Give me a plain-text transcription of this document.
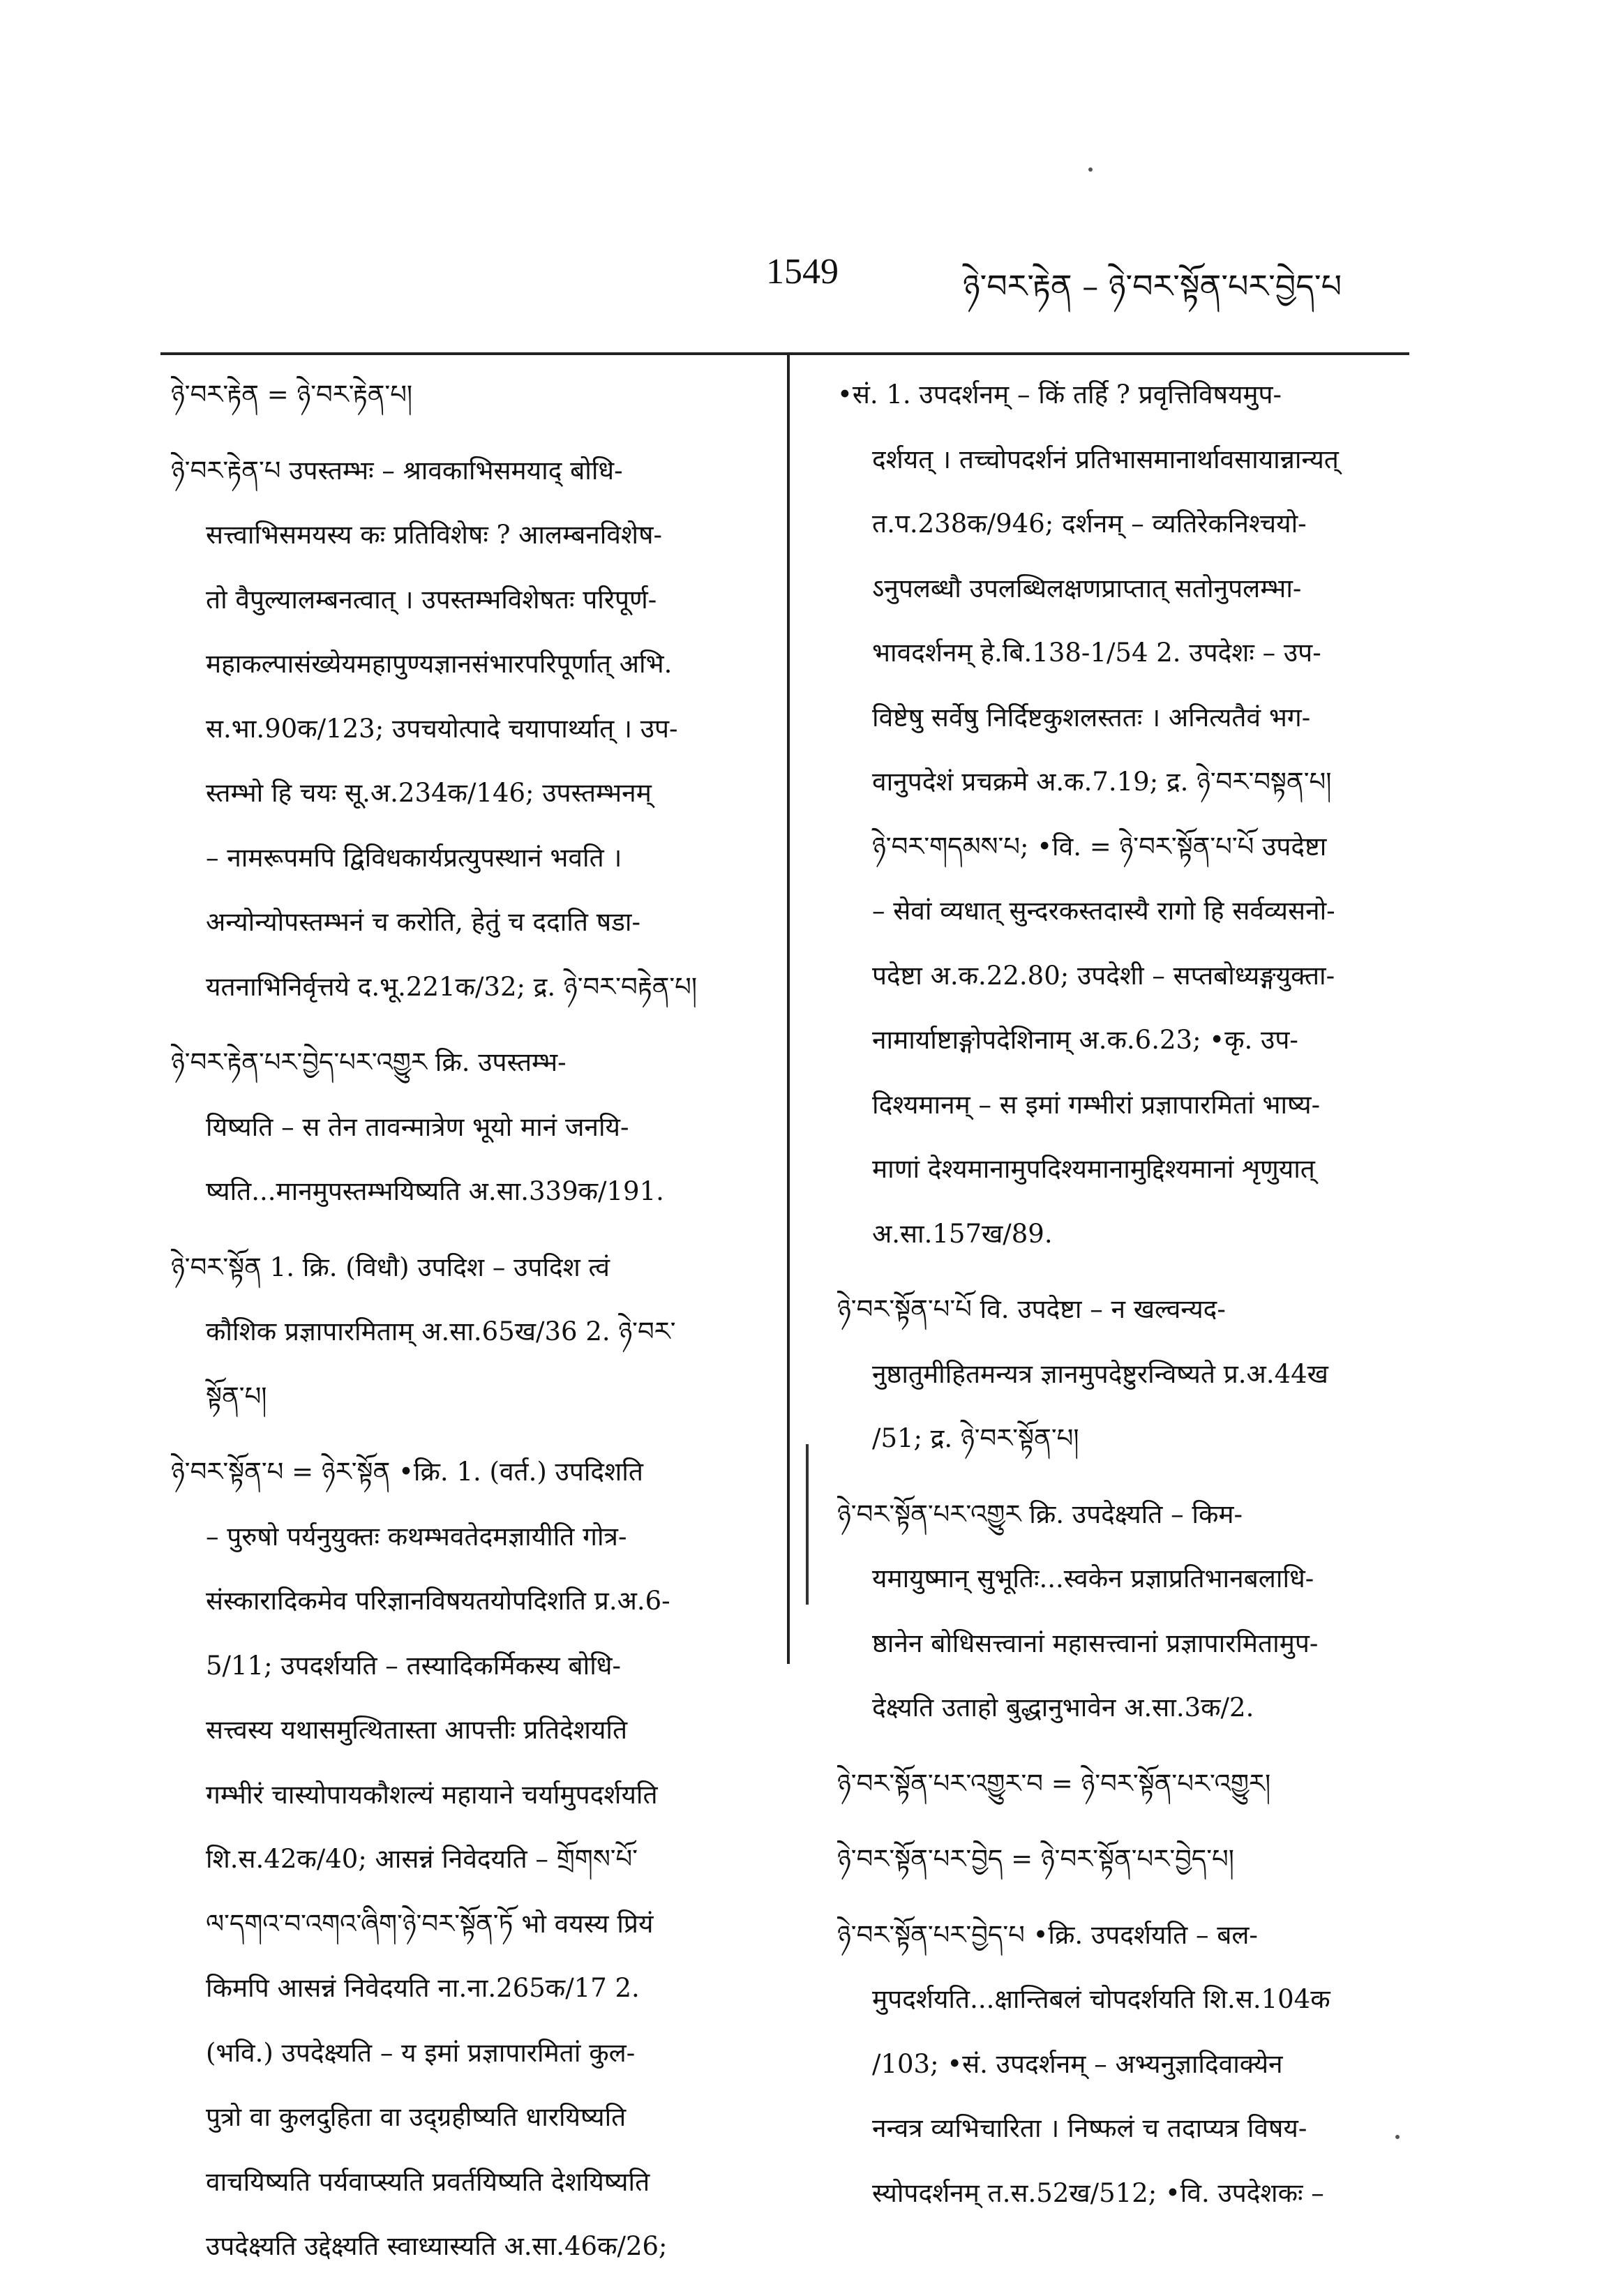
1549	ཉེ་བར་རྟེན – ཉེ་བར་སྟོན་པར་བྱེད་པ
ཉེ་བར་རྟེན = ཉེ་བར་རྟེན་པ།
ཉེ་བར་རྟེན་པ उपस्तम्भः – श्रावकाभिसमयाद् बोधि-
सत्त्वाभिसमयस्य कः प्रतिविशेषः ? आलम्बनविशेष-
तो वैपुल्यालम्बनत्वात् । उपस्तम्भविशेषतः परिपूर्ण-
महाकल्पासंख्येयमहापुण्यज्ञानसंभारपरिपूर्णात् अभि.
स.भा.90क/123; उपचयोत्पादे चयापार्थ्यात् । उप-
स्तम्भो हि चयः सू.अ.234क/146; उपस्तम्भनम्
– नामरूपमपि द्विविधकार्यप्रत्युपस्थानं भवति ।
अन्योन्योपस्तम्भनं च करोति, हेतुं च ददाति षडा-
यतनाभिनिर्वृत्तये द.भू.221क/32; द्र. ཉེ་བར་བརྟེན་པ།
ཉེ་བར་རྟེན་པར་བྱེད་པར་འགྱུར क्रि. उपस्तम्भ-
यिष्यति – स तेन तावन्मात्रेण भूयो मानं जनयि-
ष्यति...मानमुपस्तम्भयिष्यति अ.सा.339क/191.
ཉེ་བར་སྟོན 1. क्रि. (विधौ) उपदिश – उपदिश त्वं
कौशिक प्रज्ञापारमिताम् अ.सा.65ख/36 2. ཉེ་བར་
སྟོན་པ།
ཉེ་བར་སྟོན་པ = ཉེར་སྟོན •क्रि. 1. (वर्त.) उपदिशति
– पुरुषो पर्यनुयुक्तः कथम्भवतेदमज्ञायीति गोत्र-
संस्कारादिकमेव परिज्ञानविषयतयोपदिशति प्र.अ.6-
5/11; उपदर्शयति – तस्यादिकर्मिकस्य बोधि-
सत्त्वस्य यथासमुत्थितास्ता आपत्तीः प्रतिदेशयति
गम्भीरं चास्योपायकौशल्यं महायाने चर्यामुपदर्शयति
शि.स.42क/40; आसन्नं निवेदयति – གྲོགས་པོ་
ལ་དགའ་བ་འགའ་ཞིག་ཉེ་བར་སྟོན་ཏོ भो वयस्य प्रियं
किमपि आसन्नं निवेदयति ना.ना.265क/17 2.
(भवि.) उपदेक्ष्यति – य इमां प्रज्ञापारमितां कुल-
पुत्रो वा कुलदुहिता वा उद्ग्रहीष्यति धारयिष्यति
वाचयिष्यति पर्यवाप्स्यति प्रवर्तयिष्यति देशयिष्यति
उपदेक्ष्यति उद्देक्ष्यति स्वाध्यास्यति अ.सा.46क/26;
•सं. 1. उपदर्शनम् – किं तर्हि ? प्रवृत्तिविषयमुप-
दर्शयत् । तच्चोपदर्शनं प्रतिभासमानार्थावसायान्नान्यत्
त.प.238क/946; दर्शनम् – व्यतिरेकनिश्चयो-
ऽनुपलब्धौ उपलब्धिलक्षणप्राप्तात् सतोनुपलम्भा-
भावदर्शनम् हे.बि.138-1/54 2. उपदेशः – उप-
विष्टेषु सर्वेषु निर्दिष्टकुशलस्ततः । अनित्यतैवं भग-
वानुपदेशं प्रचक्रमे अ.क.7.19; द्र. ཉེ་བར་བསྟན་པ།
ཉེ་བར་གདམས་པ; •वि. = ཉེ་བར་སྟོན་པ་པོ उपदेष्टा
– सेवां व्यधात् सुन्दरकस्तदास्यै रागो हि सर्वव्यसनो-
पदेष्टा अ.क.22.80; उपदेशी – सप्तबोध्यङ्गयुक्ता-
नामार्याष्टाङ्गोपदेशिनाम् अ.क.6.23; •कृ. उप-
दिश्यमानम् – स इमां गम्भीरां प्रज्ञापारमितां भाष्य-
माणां देश्यमानामुपदिश्यमानामुद्दिश्यमानां शृणुयात्
अ.सा.157ख/89.
ཉེ་བར་སྟོན་པ་པོ वि. उपदेष्टा – न खल्वन्यद-
नुष्ठातुमीहितमन्यत्र ज्ञानमुपदेष्टुरन्विष्यते प्र.अ.44ख
/51; द्र. ཉེ་བར་སྟོན་པ།
ཉེ་བར་སྟོན་པར་འགྱུར क्रि. उपदेक्ष्यति – किम-
यमायुष्मान् सुभूतिः...स्वकेन प्रज्ञाप्रतिभानबलाधि-
ष्ठानेन बोधिसत्त्वानां महासत्त्वानां प्रज्ञापारमितामुप-
देक्ष्यति उताहो बुद्धानुभावेन अ.सा.3क/2.
ཉེ་བར་སྟོན་པར་འགྱུར་བ = ཉེ་བར་སྟོན་པར་འགྱུར།
ཉེ་བར་སྟོན་པར་བྱེད = ཉེ་བར་སྟོན་པར་བྱེད་པ།
ཉེ་བར་སྟོན་པར་བྱེད་པ •क्रि. उपदर्शयति – बल-
मुपदर्शयति...क्षान्तिबलं चोपदर्शयति शि.स.104क
/103; •सं. उपदर्शनम् – अभ्यनुज्ञादिवाक्येन
नन्वत्र व्यभिचारिता । निष्फलं च तदाप्यत्र विषय-
स्योपदर्शनम् त.स.52ख/512; •वि. उपदेशकः –
